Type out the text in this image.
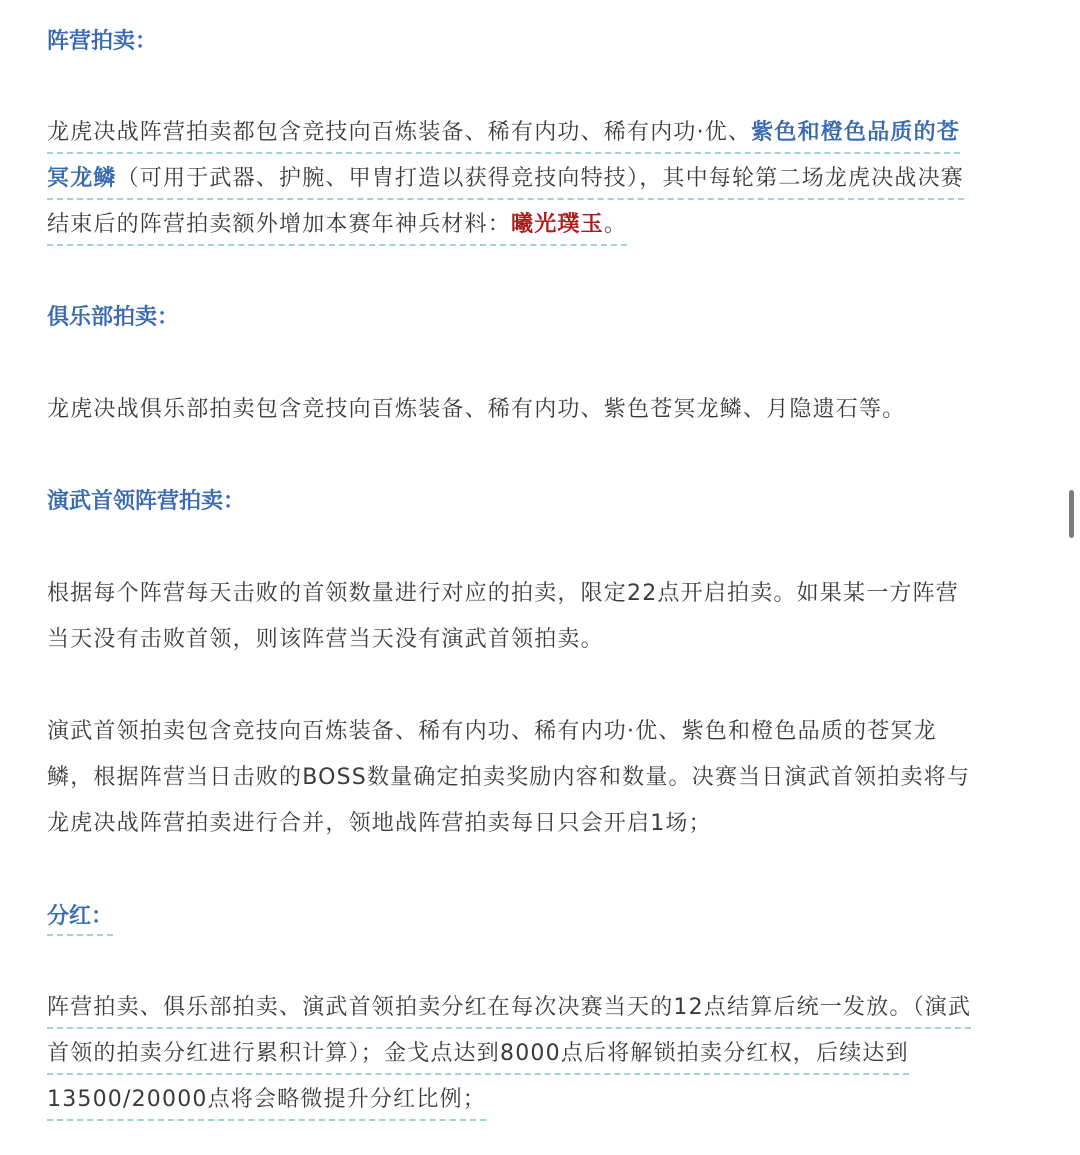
阵营拍卖：
龙虎决战阵营拍卖都包含竞技向百炼装备、稀有内功、稀有内功·优、紫色和橙色品质的苍
冥龙鳞（可用于武器、护腕、甲胄打造以获得竞技向特技），其中每轮第二场龙虎决战决赛
结束后的阵营拍卖额外增加本赛年神兵材料：曦光璞玉。
俱乐部拍卖：
龙虎决战俱乐部拍卖包含竞技向百炼装备、稀有内功、紫色苍冥龙鳞、月隐遗石等。
演武首领阵营拍卖：
根据每个阵营每天击败的首领数量进行对应的拍卖，限定22点开启拍卖。如果某一方阵营
当天没有击败首领，则该阵营当天没有演武首领拍卖。
演武首领拍卖包含竞技向百炼装备、稀有内功、稀有内功·优、紫色和橙色品质的苍冥龙
鳞，根据阵营当日击败的BOSS数量确定拍卖奖励内容和数量。决赛当日演武首领拍卖将与
龙虎决战阵营拍卖进行合并，领地战阵营拍卖每日只会开启1场；
分红：
阵营拍卖、俱乐部拍卖、演武首领拍卖分红在每次决赛当天的12点结算后统一发放。（演武
首领的拍卖分红进行累积计算）；金戈点达到8000点后将解锁拍卖分红权，后续达到
13500/20000点将会略微提升分红比例；
